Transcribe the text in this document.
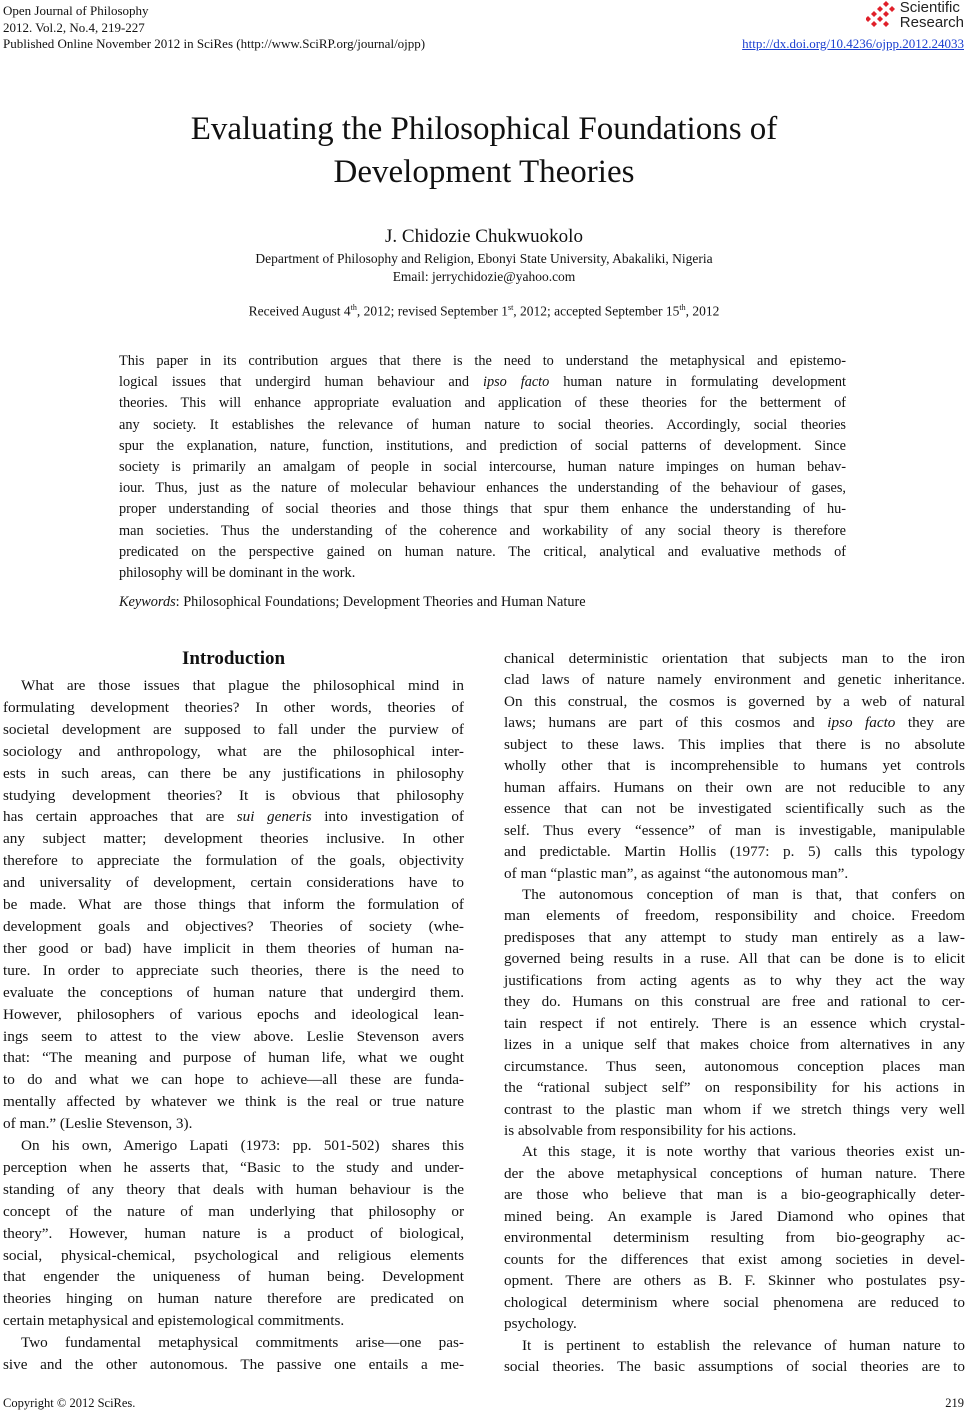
Open Journal of Philosophy
2012. Vol.2, No.4, 219-227
Published Online November 2012 in SciRes (http://www.SciRP.org/journal/ojpp)
Scientific
Research
http://dx.doi.org/10.4236/ojpp.2012.24033
Evaluating the Philosophical Foundations of
Development Theories
J. Chidozie Chukwuokolo
Department of Philosophy and Religion, Ebonyi State University, Abakaliki, Nigeria
Email: jerrychidozie@yahoo.com
Received August 4th, 2012; revised September 1st, 2012; accepted September 15th, 2012
This paper in its contribution argues that there is the need to understand the metaphysical and epistemo-
logical issues that undergird human behaviour and ipso facto human nature in formulating development
theories. This will enhance appropriate evaluation and application of these theories for the betterment of
any society. It establishes the relevance of human nature to social theories. Accordingly, social theories
spur the explanation, nature, function, institutions, and prediction of social patterns of development. Since
society is primarily an amalgam of people in social intercourse, human nature impinges on human behav-
iour. Thus, just as the nature of molecular behaviour enhances the understanding of the behaviour of gases,
proper understanding of social theories and those things that spur them enhance the understanding of hu-
man societies. Thus the understanding of the coherence and workability of any social theory is therefore
predicated on the perspective gained on human nature. The critical, analytical and evaluative methods of
philosophy will be dominant in the work.
Keywords: Philosophical Foundations; Development Theories and Human Nature
Introduction
What are those issues that plague the philosophical mind in
formulating development theories? In other words, theories of
societal development are supposed to fall under the purview of
sociology and anthropology, what are the philosophical inter-
ests in such areas, can there be any justifications in philosophy
studying development theories? It is obvious that philosophy
has certain approaches that are sui generis into investigation of
any subject matter; development theories inclusive. In other
therefore to appreciate the formulation of the goals, objectivity
and universality of development, certain considerations have to
be made. What are those things that inform the formulation of
development goals and objectives? Theories of society (whe-
ther good or bad) have implicit in them theories of human na-
ture. In order to appreciate such theories, there is the need to
evaluate the conceptions of human nature that undergird them.
However, philosophers of various epochs and ideological lean-
ings seem to attest to the view above. Leslie Stevenson avers
that: “The meaning and purpose of human life, what we ought
to do and what we can hope to achieve—all these are funda-
mentally affected by whatever we think is the real or true nature
of man.” (Leslie Stevenson, 3).
On his own, Amerigo Lapati (1973: pp. 501-502) shares this
perception when he asserts that, “Basic to the study and under-
standing of any theory that deals with human behaviour is the
concept of the nature of man underlying that philosophy or
theory”. However, human nature is a product of biological,
social, physical-chemical, psychological and religious elements
that engender the uniqueness of human being. Development
theories hinging on human nature therefore are predicated on
certain metaphysical and epistemological commitments.
Two fundamental metaphysical commitments arise—one pas-
sive and the other autonomous. The passive one entails a me-
chanical deterministic orientation that subjects man to the iron
clad laws of nature namely environment and genetic inheritance.
On this construal, the cosmos is governed by a web of natural
laws; humans are part of this cosmos and ipso facto they are
subject to these laws. This implies that there is no absolute
wholly other that is incomprehensible to humans yet controls
human affairs. Humans on their own are not reducible to any
essence that can not be investigated scientifically such as the
self. Thus every “essence” of man is investigable, manipulable
and predictable. Martin Hollis (1977: p. 5) calls this typology
of man “plastic man”, as against “the autonomous man”.
The autonomous conception of man is that, that confers on
man elements of freedom, responsibility and choice. Freedom
predisposes that any attempt to study man entirely as a law-
governed being results in a ruse. All that can be done is to elicit
justifications from acting agents as to why they act the way
they do. Humans on this construal are free and rational to cer-
tain respect if not entirely. There is an essence which crystal-
lizes in a unique self that makes choice from alternatives in any
circumstance. Thus seen, autonomous conception places man
the “rational subject self” on responsibility for his actions in
contrast to the plastic man whom if we stretch things very well
is absolvable from responsibility for his actions.
At this stage, it is note worthy that various theories exist un-
der the above metaphysical conceptions of human nature. There
are those who believe that man is a bio-geographically deter-
mined being. An example is Jared Diamond who opines that
environmental determinism resulting from bio-geography ac-
counts for the differences that exist among societies in devel-
opment. There are others as B. F. Skinner who postulates psy-
chological determinism where social phenomena are reduced to
psychology.
It is pertinent to establish the relevance of human nature to
social theories. The basic assumptions of social theories are to
Copyright © 2012 SciRes.	219
